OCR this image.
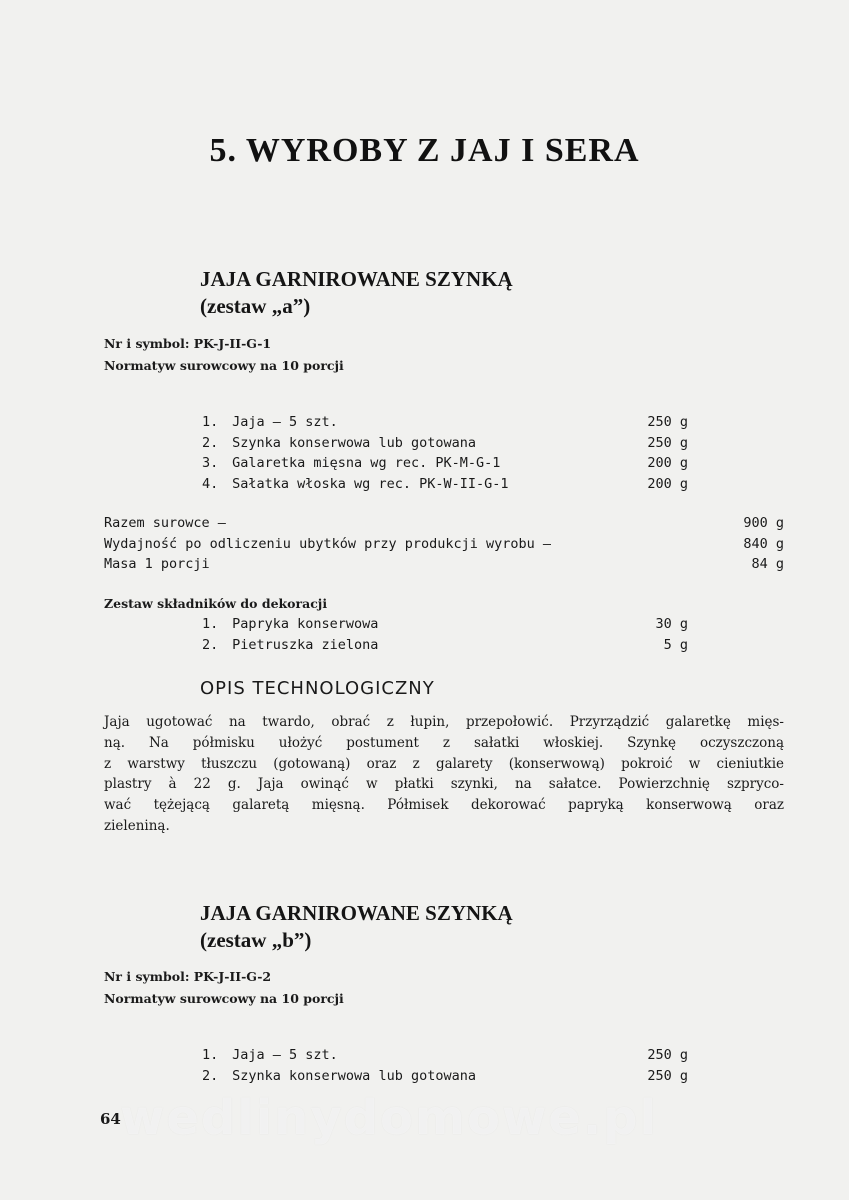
5. WYROBY Z JAJ I SERA
JAJA GARNIROWANE SZYNKĄ
(zestaw „a”)
Nr i symbol: PK-J-II-G-1
Normatyw surowcowy na 10 porcji
1. Jaja — 5 szt.	250 g
2. Szynka konserwowa lub gotowana	250 g
3. Galaretka mięsna wg rec. PK-M-G-1	200 g
4. Sałatka włoska wg rec. PK-W-II-G-1	200 g
Razem surowce —	900 g
Wydajność po odliczeniu ubytków przy produkcji wyrobu —	840 g
Masa 1 porcji	84 g
Zestaw składników do dekoracji
1. Papryka konserwowa	30 g
2. Pietruszka zielona	5 g
OPIS TECHNOLOGICZNY
Jaja ugotować na twardo, obrać z łupin, przepołowić. Przyrządzić galaretkę mięs-
ną. Na półmisku ułożyć postument z sałatki włoskiej. Szynkę oczyszczoną
z warstwy tłuszczu (gotowaną) oraz z galarety (konserwową) pokroić w cieniutkie
plastry à 22 g. Jaja owinąć w płatki szynki, na sałatce. Powierzchnię szpryco-
wać tężejącą galaretą mięsną. Półmisek dekorować papryką konserwową oraz
zieleniną.
JAJA GARNIROWANE SZYNKĄ
(zestaw „b”)
Nr i symbol: PK-J-II-G-2
Normatyw surowcowy na 10 porcji
1. Jaja — 5 szt.	250 g
2. Szynka konserwowa lub gotowana	250 g
wedlinydomowe.pl
64
